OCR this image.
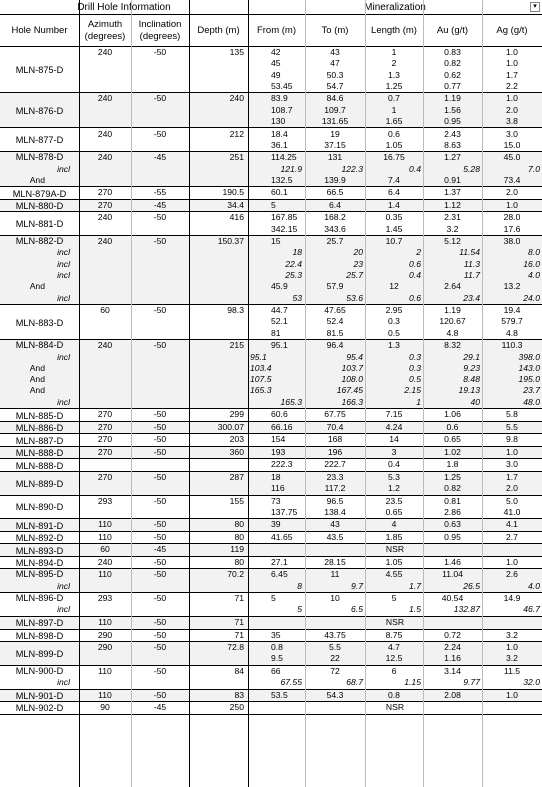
Drill Hole Information	Mineralization	▾
Hole Number
Azimuth
(degrees)
Inclination
(degrees)
Depth (m)	From (m)	To (m)	Length (m)	Au (g/t)	Ag (g/t)
MLN-875-D
240	-50	135	42	43	1	0.83	1.0
45	47	2	0.82	1.0
49	50.3	1.3	0.62	1.7
53.45	54.7	1.25	0.77	2.2
MLN-876-D
240	-50	240	83.9	84.6	0.7	1.19	1.0
108.7	109.7	1	1.56	2.0
130	131.65	1.65	0.95	3.8
MLN-877-D
240	-50	212	18.4	19	0.6	2.43	3.0
36.1	37.15	1.05	8.63	15.0
MLN-878-D	240	-45	251	114.25	131	16.75	1.27	45.0
incl	121.9	122.3	0.4	5.28	7.0
And	132.5	139.9	7.4	0.91	73.4
MLN-879A-D	270	-55	190.5	60.1	66.5	6.4	1.37	2.0
MLN-880-D	270	-45	34.4	5	6.4	1.4	1.12	1.0
MLN-881-D
240	-50	416	167.85	168.2	0.35	2.31	28.0
342.15	343.6	1.45	3.2	17.6
MLN-882-D	240	-50	150.37	15	25.7	10.7	5.12	38.0
incl	18	20	2	11.54	8.0
incl	22.4	23	0.6	11.3	16.0
incl	25.3	25.7	0.4	11.7	4.0
And	45.9	57.9	12	2.64	13.2
incl	53	53.6	0.6	23.4	24.0
MLN-883-D
60	-50	98.3	44.7	47.65	2.95	1.19	19.4
52.1	52.4	0.3	120.67	579.7
81	81.5	0.5	4.8	4.8
MLN-884-D	240	-50	215	95.1	96.4	1.3	8.32	110.3
incl	95.1	95.4	0.3	29.1	398.0
And	103.4	103.7	0.3	9.23	143.0
And	107.5	108.0	0.5	8.48	195.0
And	165.3	167.45	2.15	19.13	23.7
incl	165.3	166.3	1	40	48.0
MLN-885-D	270	-50	299	60.6	67.75	7.15	1.06	5.8
MLN-886-D	270	-50	300.07	66.16	70.4	4.24	0.6	5.5
MLN-887-D	270	-50	203	154	168	14	0.65	9.8
MLN-888-D	270	-50	360	193	196	3	1.02	1.0
MLN-888-D	222.3	222.7	0.4	1.8	3.0
MLN-889-D
270	-50	287	18	23.3	5.3	1.25	1.7
116	117.2	1.2	0.82	2.0
MLN-890-D
293	-50	155	73	96.5	23.5	0.81	5.0
137.75	138.4	0.65	2.86	41.0
MLN-891-D	110	-50	80	39	43	4	0.63	4.1
MLN-892-D	110	-50	80	41.65	43.5	1.85	0.95	2.7
MLN-893-D	60	-45	119	NSR
MLN-894-D	240	-50	80	27.1	28.15	1.05	1.46	1.0
MLN-895-D	110	-50	70.2	6.45	11	4.55	11.04	2.6
incl	8	9.7	1.7	26.5	4.0
MLN-896-D	293	-50	71	5	10	5	40.54	14.9
incl	5	6.5	1.5	132.87	46.7
MLN-897-D	110	-50	71	NSR
MLN-898-D	290	-50	71	35	43.75	8.75	0.72	3.2
MLN-899-D
290	-50	72.8	0.8	5.5	4.7	2.24	1.0
9.5	22	12.5	1.16	3.2
MLN-900-D	110	-50	84	66	72	6	3.14	11.5
incl	67.55	68.7	1.15	9.77	32.0
MLN-901-D	110	-50	83	53.5	54.3	0.8	2.08	1.0
MLN-902-D	90	-45	250	NSR
